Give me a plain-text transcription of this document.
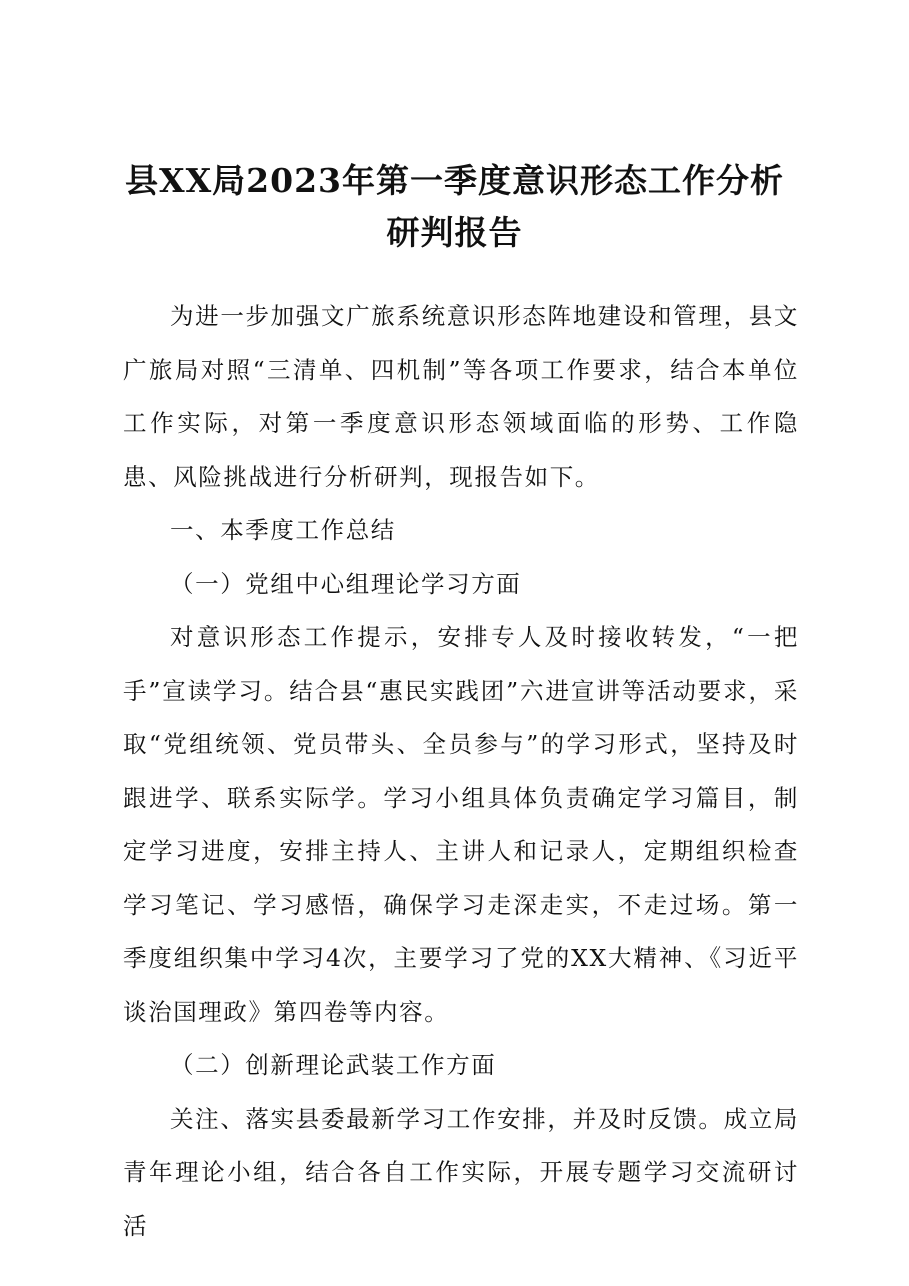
县XX局2023年第一季度意识形态工作分析研判报告

为进一步加强文广旅系统意识形态阵地建设和管理，县文广旅局对照“三清单、四机制”等各项工作要求，结合本单位工作实际，对第一季度意识形态领域面临的形势、工作隐患、风险挑战进行分析研判，现报告如下。

一、本季度工作总结

（一）党组中心组理论学习方面

对意识形态工作提示，安排专人及时接收转发，“一把手”宣读学习。结合县“惠民实践团”六进宣讲等活动要求，采取“党组统领、党员带头、全员参与”的学习形式，坚持及时跟进学、联系实际学。学习小组具体负责确定学习篇目，制定学习进度，安排主持人、主讲人和记录人，定期组织检查学习笔记、学习感悟，确保学习走深走实，不走过场。第一季度组织集中学习4次，主要学习了党的XX大精神、《习近平谈治国理政》第四卷等内容。

（二）创新理论武装工作方面

关注、落实县委最新学习工作安排，并及时反馈。成立局青年理论小组，结合各自工作实际，开展专题学习交流研讨活
